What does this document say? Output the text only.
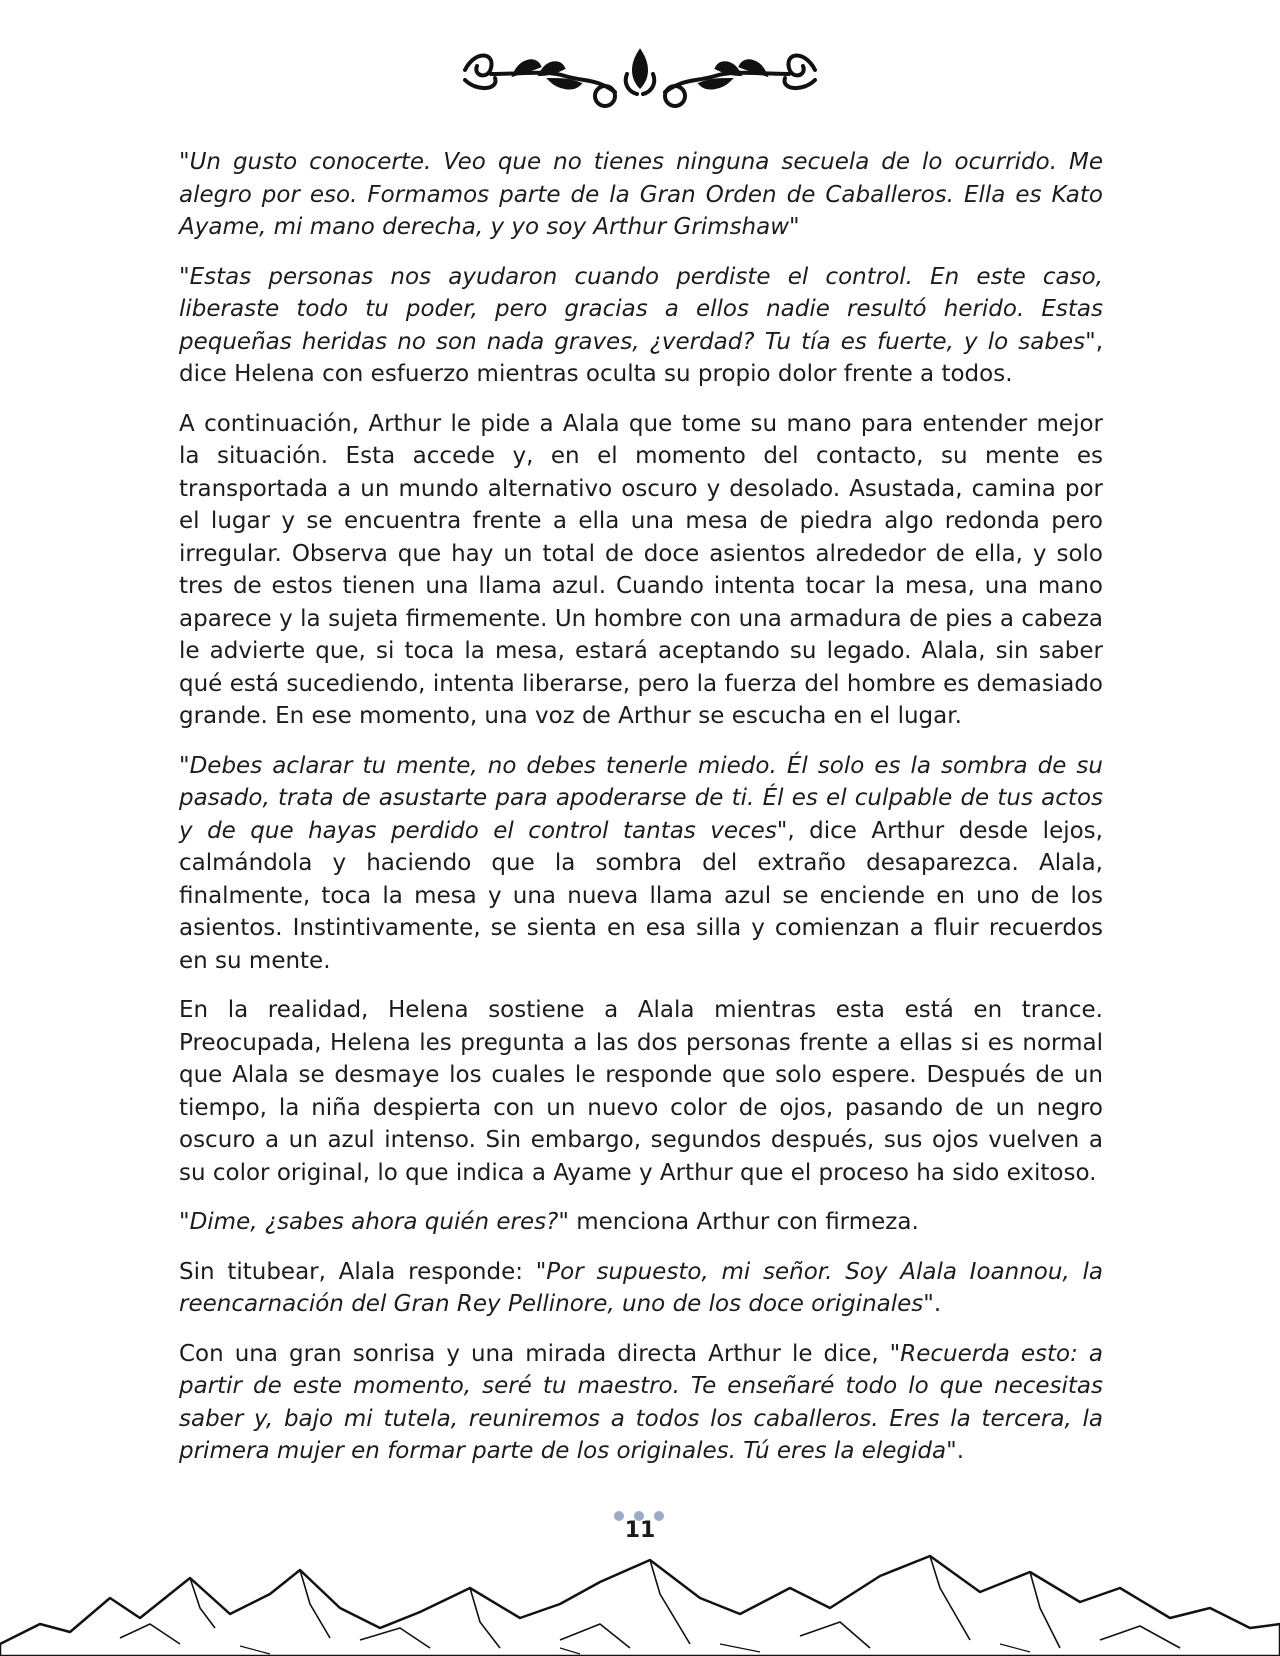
"Un gusto conocerte. Veo que no tienes ninguna secuela de lo ocurrido. Me alegro por eso. Formamos parte de la Gran Orden de Caballeros. Ella es Kato Ayame, mi mano derecha, y yo soy Arthur Grimshaw"

"Estas personas nos ayudaron cuando perdiste el control. En este caso, liberaste todo tu poder, pero gracias a ellos nadie resultó herido. Estas pequeñas heridas no son nada graves, ¿verdad? Tu tía es fuerte, y lo sabes", dice Helena con esfuerzo mientras oculta su propio dolor frente a todos.

A continuación, Arthur le pide a Alala que tome su mano para entender mejor la situación. Esta accede y, en el momento del contacto, su mente es transportada a un mundo alternativo oscuro y desolado. Asustada, camina por el lugar y se encuentra frente a ella una mesa de piedra algo redonda pero irregular. Observa que hay un total de doce asientos alrededor de ella, y solo tres de estos tienen una llama azul. Cuando intenta tocar la mesa, una mano aparece y la sujeta firmemente. Un hombre con una armadura de pies a cabeza le advierte que, si toca la mesa, estará aceptando su legado. Alala, sin saber qué está sucediendo, intenta liberarse, pero la fuerza del hombre es demasiado grande. En ese momento, una voz de Arthur se escucha en el lugar.

"Debes aclarar tu mente, no debes tenerle miedo. Él solo es la sombra de su pasado, trata de asustarte para apoderarse de ti. Él es el culpable de tus actos y de que hayas perdido el control tantas veces", dice Arthur desde lejos, calmándola y haciendo que la sombra del extraño desaparezca. Alala, finalmente, toca la mesa y una nueva llama azul se enciende en uno de los asientos. Instintivamente, se sienta en esa silla y comienzan a fluir recuerdos en su mente.

En la realidad, Helena sostiene a Alala mientras esta está en trance. Preocupada, Helena les pregunta a las dos personas frente a ellas si es normal que Alala se desmaye los cuales le responde que solo espere. Después de un tiempo, la niña despierta con un nuevo color de ojos, pasando de un negro oscuro a un azul intenso. Sin embargo, segundos después, sus ojos vuelven a su color original, lo que indica a Ayame y Arthur que el proceso ha sido exitoso.

"Dime, ¿sabes ahora quién eres?" menciona Arthur con firmeza.

Sin titubear, Alala responde: "Por supuesto, mi señor. Soy Alala Ioannou, la reencarnación del Gran Rey Pellinore, uno de los doce originales".

Con una gran sonrisa y una mirada directa Arthur le dice, "Recuerda esto: a partir de este momento, seré tu maestro. Te enseñaré todo lo que necesitas saber y, bajo mi tutela, reuniremos a todos los caballeros. Eres la tercera, la primera mujer en formar parte de los originales. Tú eres la elegida".

11
